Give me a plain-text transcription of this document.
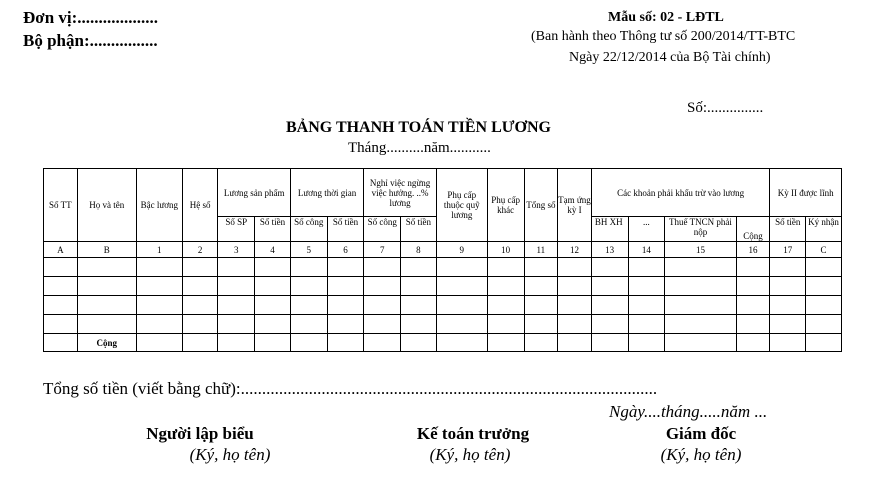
Đơn vị:...................
Bộ phận:................
Mẫu số: 02 - LĐTL
(Ban hành theo Thông tư số 200/2014/TT-BTC
Ngày 22/12/2014 của Bộ Tài chính)
Số:...............
BẢNG THANH TOÁN TIỀN LƯƠNG
Tháng..........năm...........
Số TT	Họ và tên	Bậc lương	Hệ số	Lương sản phẩm		Lương thời gian		Nghỉ việc ngừng việc hưởng. ..% lương		Phụ cấp thuộc quỹ lương	Phụ cấp khác	Tổng số	Tạm ứng kỳ I	Các khoản phải khấu trừ vào lương				Kỳ II được lĩnh	
				Số SP	Số tiền	Số công	Số tiền	Số công	Số tiền					BH XH	...	Thuế TNCN phải nộp	Cộng	Số tiền	Ký nhận
A	B	1	2	3	4	5	6	7	8	9	10	11	12	13	14	15	16	17	C

	Cộng																		
Tổng số tiền (viết bằng chữ):..................................................................................................
Ngày....tháng.....năm ...
Người lập biểu
(Ký, họ tên)
Kế toán trưởng
(Ký, họ tên)
Giám đốc
(Ký, họ tên)
